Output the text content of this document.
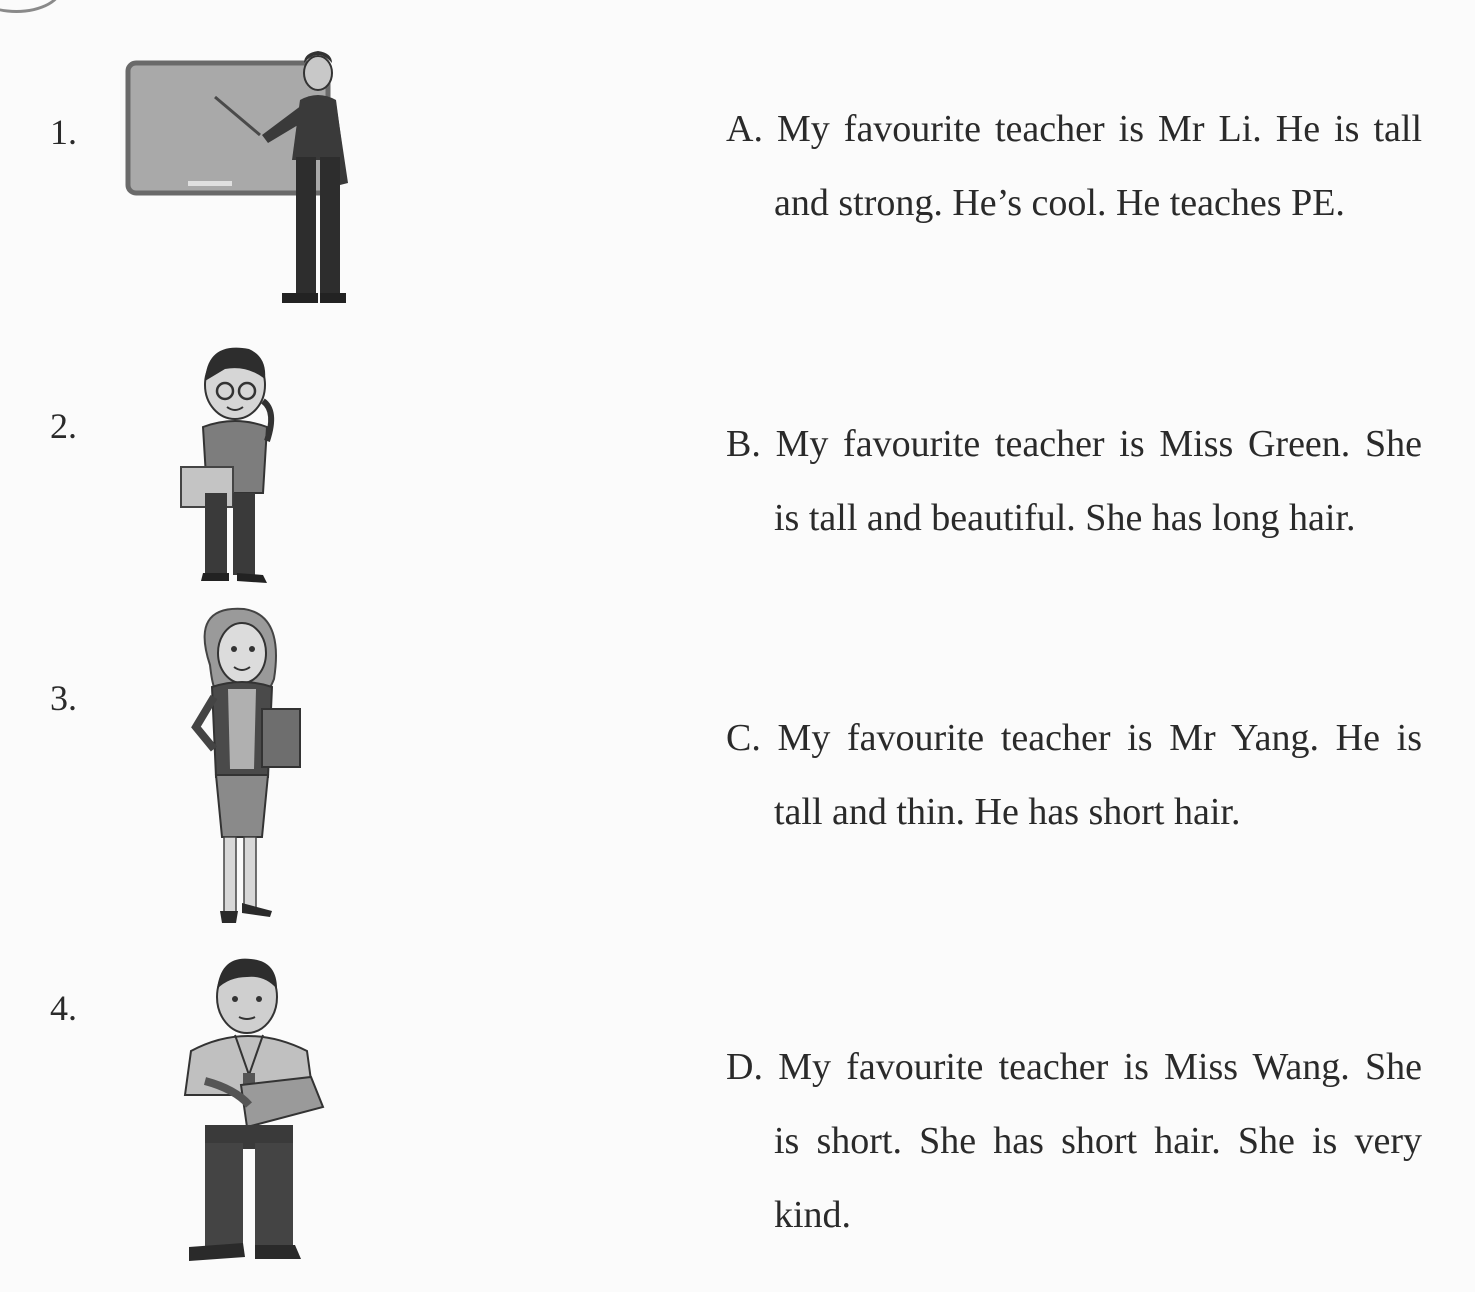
1.
2.
3.
4.
A. My favourite teacher is Mr Li. He is tall
and strong. He’s cool. He teaches PE.
B. My favourite teacher is Miss Green. She
is tall and beautiful. She has long hair.
C. My favourite teacher is Mr Yang. He is
tall and thin. He has short hair.
D. My favourite teacher is Miss Wang. She
is short. She has short hair. She is very
kind.
